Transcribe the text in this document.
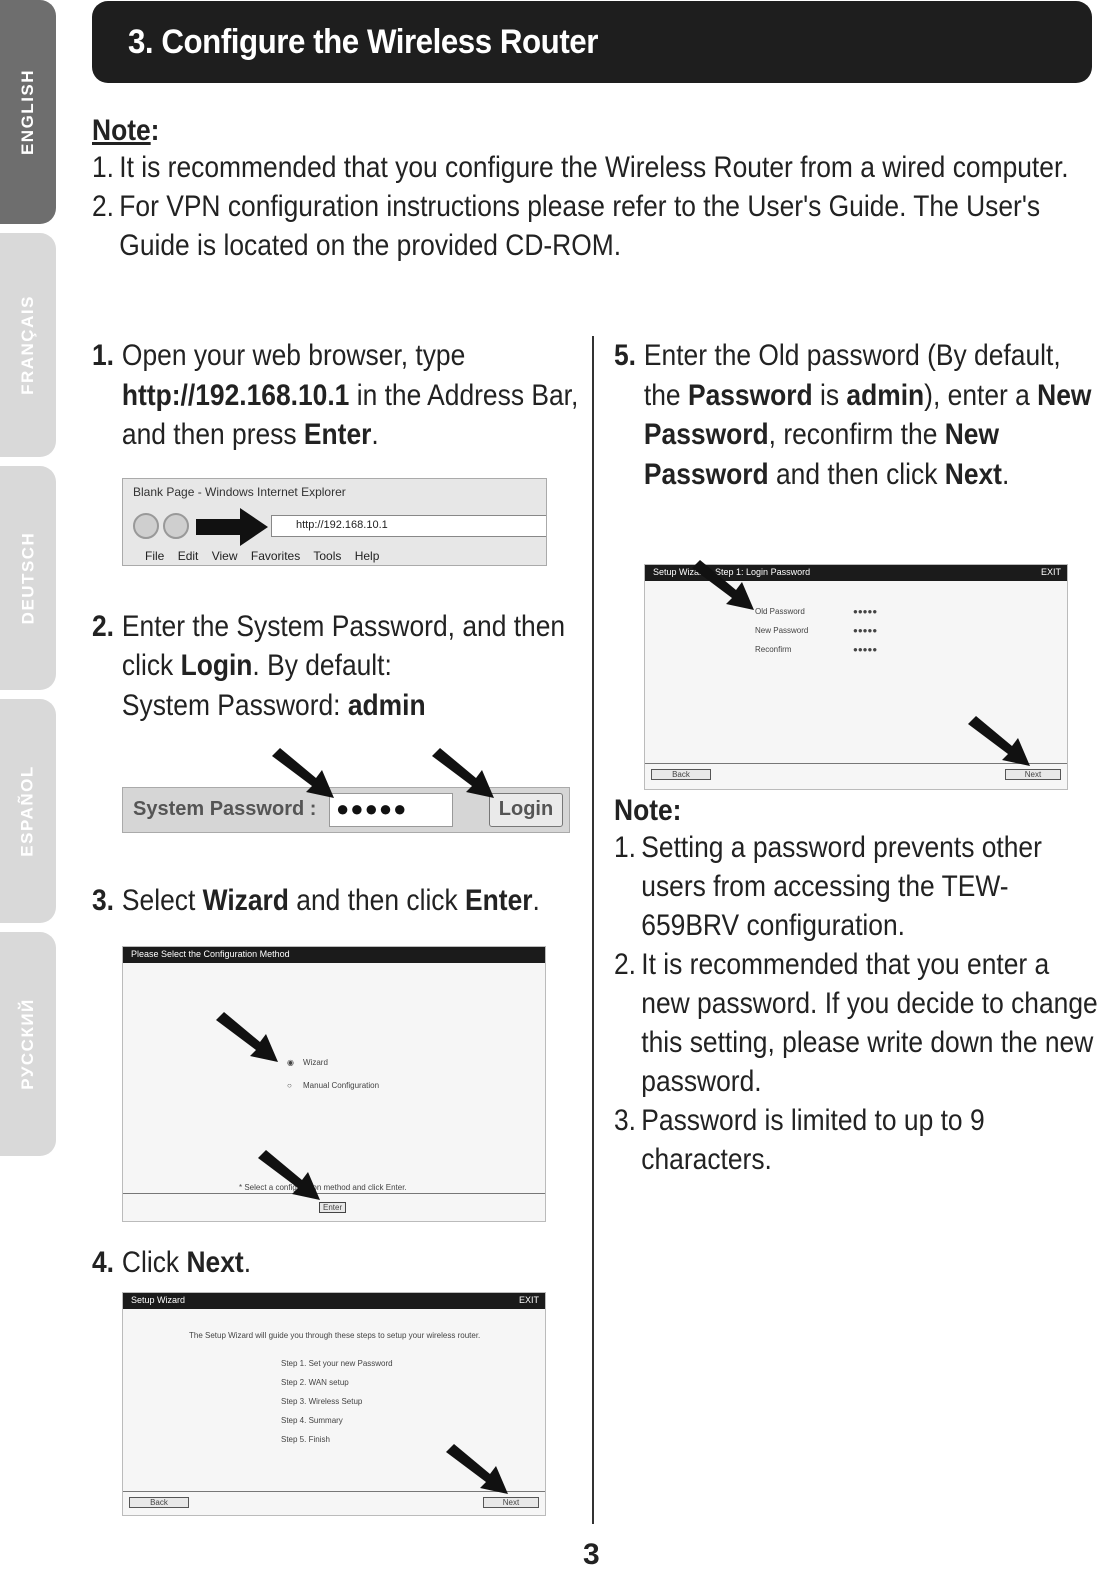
ENGLISH
FRANÇAIS
DEUTSCH
ESPAÑOL
РУССКИЙ
3. Configure the Wireless Router
Note:
1. It is recommended that you configure the Wireless Router from a wired computer.
2. For VPN configuration instructions please refer to the User's Guide. The User's Guide is located on the provided CD-ROM.

1. Open your web browser, type http://192.168.10.1 in the Address Bar, and then press Enter.

2. Enter the System Password, and then click Login. By default:
System Password: admin

3. Select Wizard and then click Enter.

4. Click Next.

5. Enter the Old password (By default, the Password is admin), enter a New Password, reconfirm the New Password and then click Next.

Note:
1. Setting a password prevents other users from accessing the TEW-659BRV configuration.
2. It is recommended that you enter a new password. If you decide to change this setting, please write down the new password.
3. Password is limited to up to 9 characters.
Blank Page - Windows Internet Explorer
http://192.168.10.1
File Edit View Favorites Tools Help
System Password : ●●●●●	Login
Please Select the Configuration Method
◉ Wizard
○ Manual Configuration
* Select a configuration method and click Enter.
Enter
Setup Wizard	EXIT
The Setup Wizard will guide you through these steps to setup your wireless router.
Step 1. Set your new Password
Step 2. WAN setup
Step 3. Wireless Setup
Step 4. Summary
Step 5. Finish
Back	Next
Setup Wizard - Step 1: Login Password	EXIT
Old Password	●●●●●
New Password	●●●●●
Reconfirm	●●●●●
Back	Next
3
